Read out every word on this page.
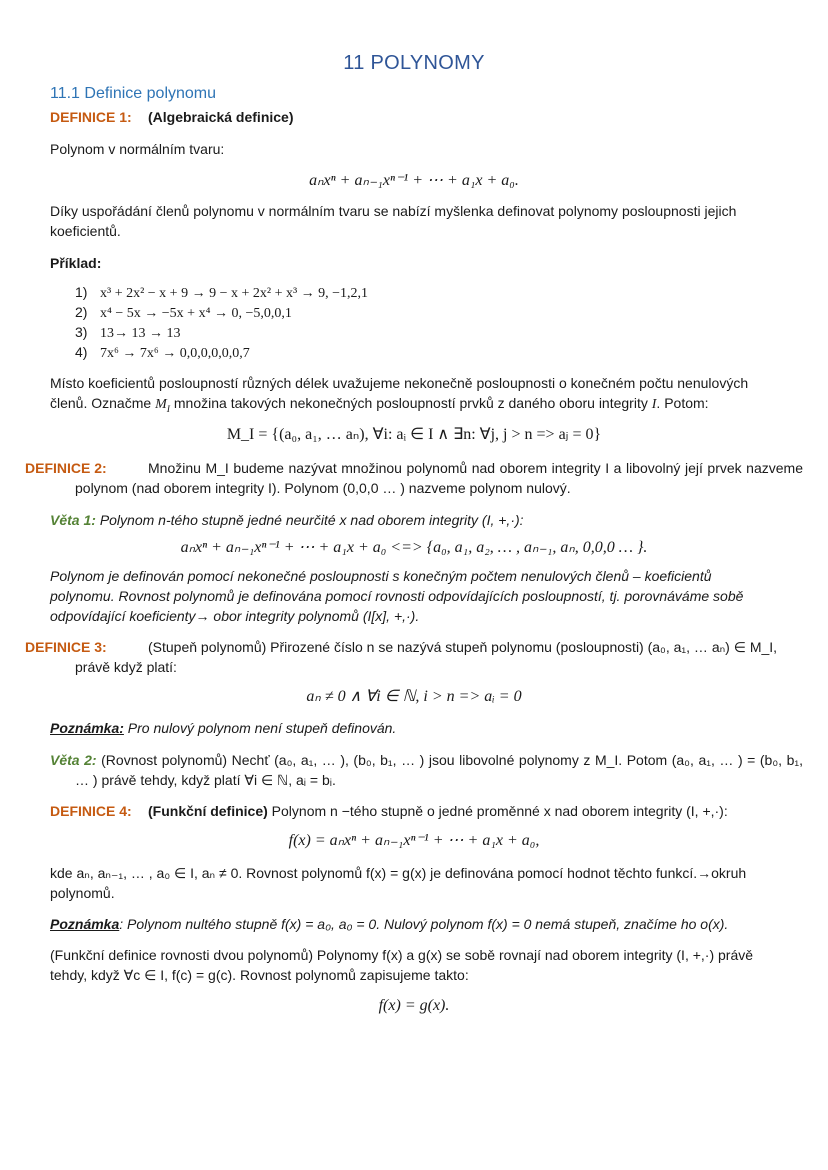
11 POLYNOMY
11.1 Definice polynomu
DEFINICE 1: (Algebraická definice)
Polynom v normálním tvaru:
aₙxⁿ + aₙ₋₁xⁿ⁻¹ + ⋯ + a₁x + a₀.
Díky uspořádání členů polynomu v normálním tvaru se nabízí myšlenka definovat polynomy posloupnosti jejich koeficientů.
Příklad:
1) x³ + 2x² − x + 9 → 9 − x + 2x² + x³ → 9, −1,2,1
2) x⁴ − 5x → −5x + x⁴ → 0, −5,0,0,1
3) 13→ 13 → 13
4) 7x⁶ → 7x⁶ → 0,0,0,0,0,0,7
Místo koeficientů posloupností různých délek uvažujeme nekonečně posloupnosti o konečném počtu nenulových členů. Označme $M_I$ množina takových nekonečných posloupností prvků z daného oboru integrity I. Potom:
M_I = {(a₀, a₁, … aₙ), ∀i: aᵢ ∈ I ∧ ∃n: ∀j, j > n => aⱼ = 0}
DEFINICE 2:	Množinu M_I budeme nazývat množinou polynomů nad oborem integrity I a libovolný její prvek nazveme polynom (nad oborem integrity I). Polynom (0,0,0 … ) nazveme polynom nulový.
Věta 1: Polynom n-tého stupně jedné neurčité x nad oborem integrity (I, +,·):
aₙxⁿ + aₙ₋₁xⁿ⁻¹ + ⋯ + a₁x + a₀ <=> {a₀, a₁, a₂, … , aₙ₋₁, aₙ, 0,0,0 … }.
Polynom je definován pomocí nekonečné posloupnosti s konečným počtem nenulových členů – koeficientů polynomu. Rovnost polynomů je definována pomocí rovnosti odpovídajících posloupností, tj. porovnáváme sobě odpovídající koeficienty→ obor integrity polynomů (I[x], +,·).
DEFINICE 3:	(Stupeň polynomů) Přirozené číslo n se nazývá stupeň polynomu (posloupnosti) (a₀, a₁, … aₙ) ∈ M_I, právě když platí:
aₙ ≠ 0 ∧ ∀i ∈ ℕ, i > n => aᵢ = 0
Poznámka: Pro nulový polynom není stupeň definován.
Věta 2: (Rovnost polynomů) Nechť (a₀, a₁, … ), (b₀, b₁, … ) jsou libovolné polynomy z M_I. Potom (a₀, a₁, … ) = (b₀, b₁, … ) právě tehdy, když platí ∀i ∈ ℕ, aᵢ = bᵢ.
DEFINICE 4: (Funkční definice) Polynom n −tého stupně o jedné proměnné x nad oborem integrity (I, +,·):
f(x) = aₙxⁿ + aₙ₋₁xⁿ⁻¹ + ⋯ + a₁x + a₀,
kde aₙ, aₙ₋₁, … , a₀ ∈ I, aₙ ≠ 0. Rovnost polynomů f(x) = g(x) je definována pomocí hodnot těchto funkcí.→okruh polynomů.
Poznámka: Polynom nultého stupně f(x) = a₀, a₀ = 0. Nulový polynom f(x) = 0 nemá stupeň, značíme ho o(x).
(Funkční definice rovnosti dvou polynomů) Polynomy f(x) a g(x) se sobě rovnají nad oborem integrity (I, +,·) právě tehdy, když ∀c ∈ I, f(c) = g(c). Rovnost polynomů zapisujeme takto:
f(x) = g(x).
